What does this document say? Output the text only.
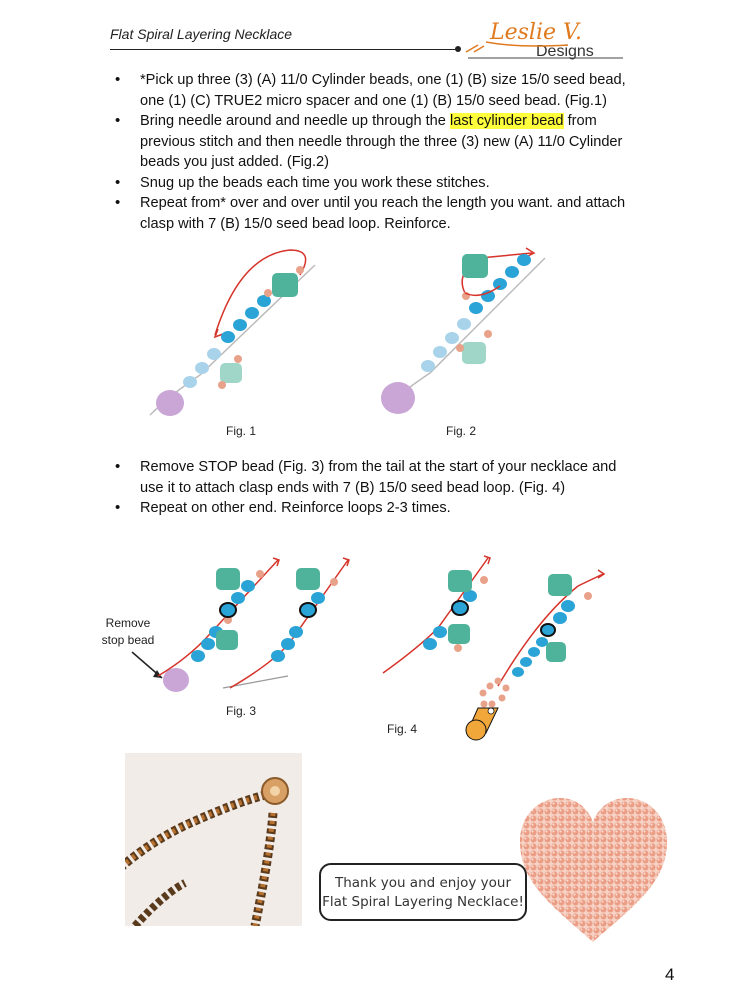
Flat Spiral Layering Necklace	Leslie V.
Designs
• *Pick up three (3) (A) 11/0 Cylinder beads, one (1) (B) size 15/0 seed bead, one (1) (C) TRUE2 micro spacer and one (1) (B) 15/0 seed bead. (Fig.1)
• Bring needle around and needle up through the last cylinder bead from previous stitch and then needle through the three (3) new (A) 11/0 Cylinder beads you just added. (Fig.2)
• Snug up the beads each time you work these stitches.
• Repeat from* over and over until you reach the length you want. and attach clasp with 7 (B) 15/0 seed bead loop. Reinforce.
Fig. 1	Fig. 2
• Remove STOP bead (Fig. 3) from the tail at the start of your necklace and use it to attach clasp ends with 7 (B) 15/0 seed bead loop. (Fig. 4)
• Repeat on other end. Reinforce loops 2-3 times.
Remove stop bead
Fig. 3
Fig. 4
Thank you and enjoy your
Flat Spiral Layering Necklace!
4
